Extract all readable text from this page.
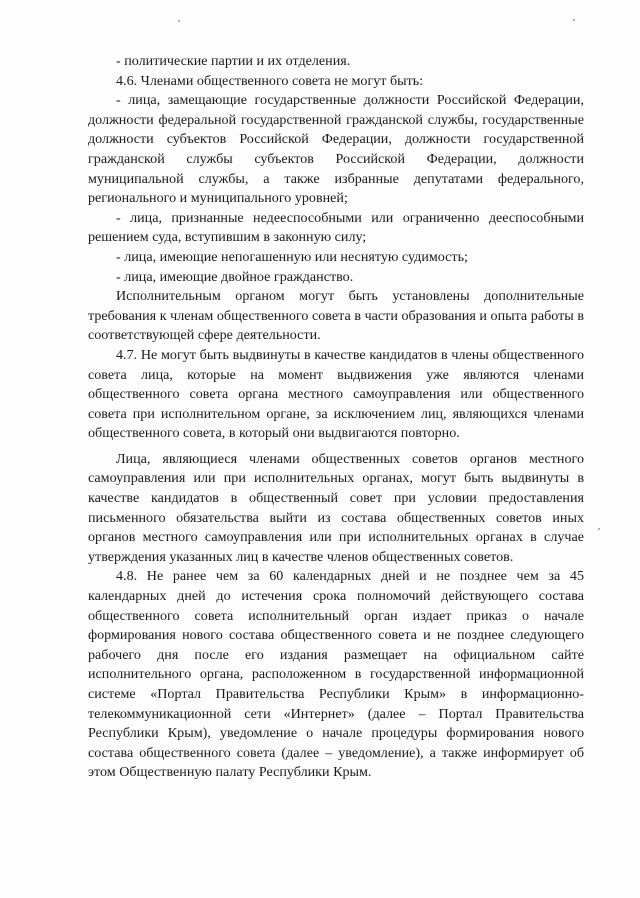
- политические партии и их отделения.

4.6. Членами общественного совета не могут быть:

- лица, замещающие государственные должности Российской Федерации, должности федеральной государственной гражданской службы, государственные должности субъектов Российской Федерации, должности государственной гражданской службы субъектов Российской Федерации, должности муниципальной службы, а также избранные депутатами федерального, регионального и муниципального уровней;

- лица, признанные недееспособными или ограниченно дееспособными решением суда, вступившим в законную силу;

- лица, имеющие непогашенную или неснятую судимость;

- лица, имеющие двойное гражданство.

Исполнительным органом могут быть установлены дополнительные требования к членам общественного совета в части образования и опыта работы в соответствующей сфере деятельности.

4.7. Не могут быть выдвинуты в качестве кандидатов в члены общественного совета лица, которые на момент выдвижения уже являются членами общественного совета органа местного самоуправления или общественного совета при исполнительном органе, за исключением лиц, являющихся членами общественного совета, в который они выдвигаются повторно.

Лица, являющиеся членами общественных советов органов местного самоуправления или при исполнительных органах, могут быть выдвинуты в качестве кандидатов в общественный совет при условии предоставления письменного обязательства выйти из состава общественных советов иных органов местного самоуправления или при исполнительных органах в случае утверждения указанных лиц в качестве членов общественных советов.

4.8. Не ранее чем за 60 календарных дней и не позднее чем за 45 календарных дней до истечения срока полномочий действующего состава общественного совета исполнительный орган издает приказ о начале формирования нового состава общественного совета и не позднее следующего рабочего дня после его издания размещает на официальном сайте исполнительного органа, расположенном в государственной информационной системе «Портал Правительства Республики Крым» в информационно-телекоммуникационной сети «Интернет» (далее – Портал Правительства Республики Крым), уведомление о начале процедуры формирования нового состава общественного совета (далее – уведомление), а также информирует об этом Общественную палату Республики Крым.
